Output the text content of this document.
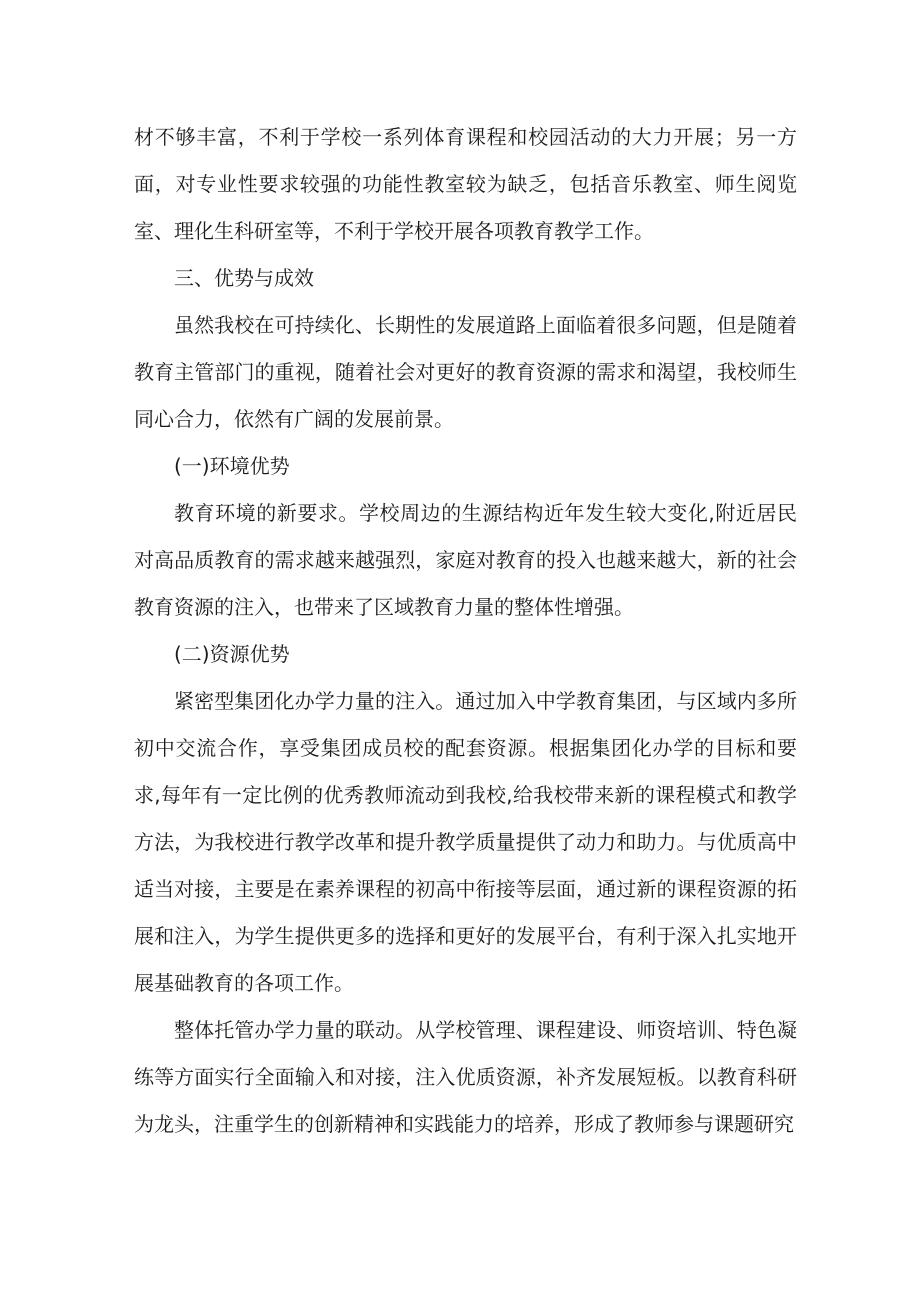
材不够丰富，不利于学校一系列体育课程和校园活动的大力开展；另一方面，对专业性要求较强的功能性教室较为缺乏，包括音乐教室、师生阅览室、理化生科研室等，不利于学校开展各项教育教学工作。

三、优势与成效

虽然我校在可持续化、长期性的发展道路上面临着很多问题，但是随着教育主管部门的重视，随着社会对更好的教育资源的需求和渴望，我校师生同心合力，依然有广阔的发展前景。

(一)环境优势

教育环境的新要求。学校周边的生源结构近年发生较大变化,附近居民对高品质教育的需求越来越强烈，家庭对教育的投入也越来越大，新的社会教育资源的注入，也带来了区域教育力量的整体性增强。

(二)资源优势

紧密型集团化办学力量的注入。通过加入中学教育集团，与区域内多所初中交流合作，享受集团成员校的配套资源。根据集团化办学的目标和要求,每年有一定比例的优秀教师流动到我校,给我校带来新的课程模式和教学方法，为我校进行教学改革和提升教学质量提供了动力和助力。与优质高中适当对接，主要是在素养课程的初高中衔接等层面，通过新的课程资源的拓展和注入，为学生提供更多的选择和更好的发展平台，有利于深入扎实地开展基础教育的各项工作。

整体托管办学力量的联动。从学校管理、课程建设、师资培训、特色凝练等方面实行全面输入和对接，注入优质资源，补齐发展短板。以教育科研为龙头，注重学生的创新精神和实践能力的培养，形成了教师参与课题研究
